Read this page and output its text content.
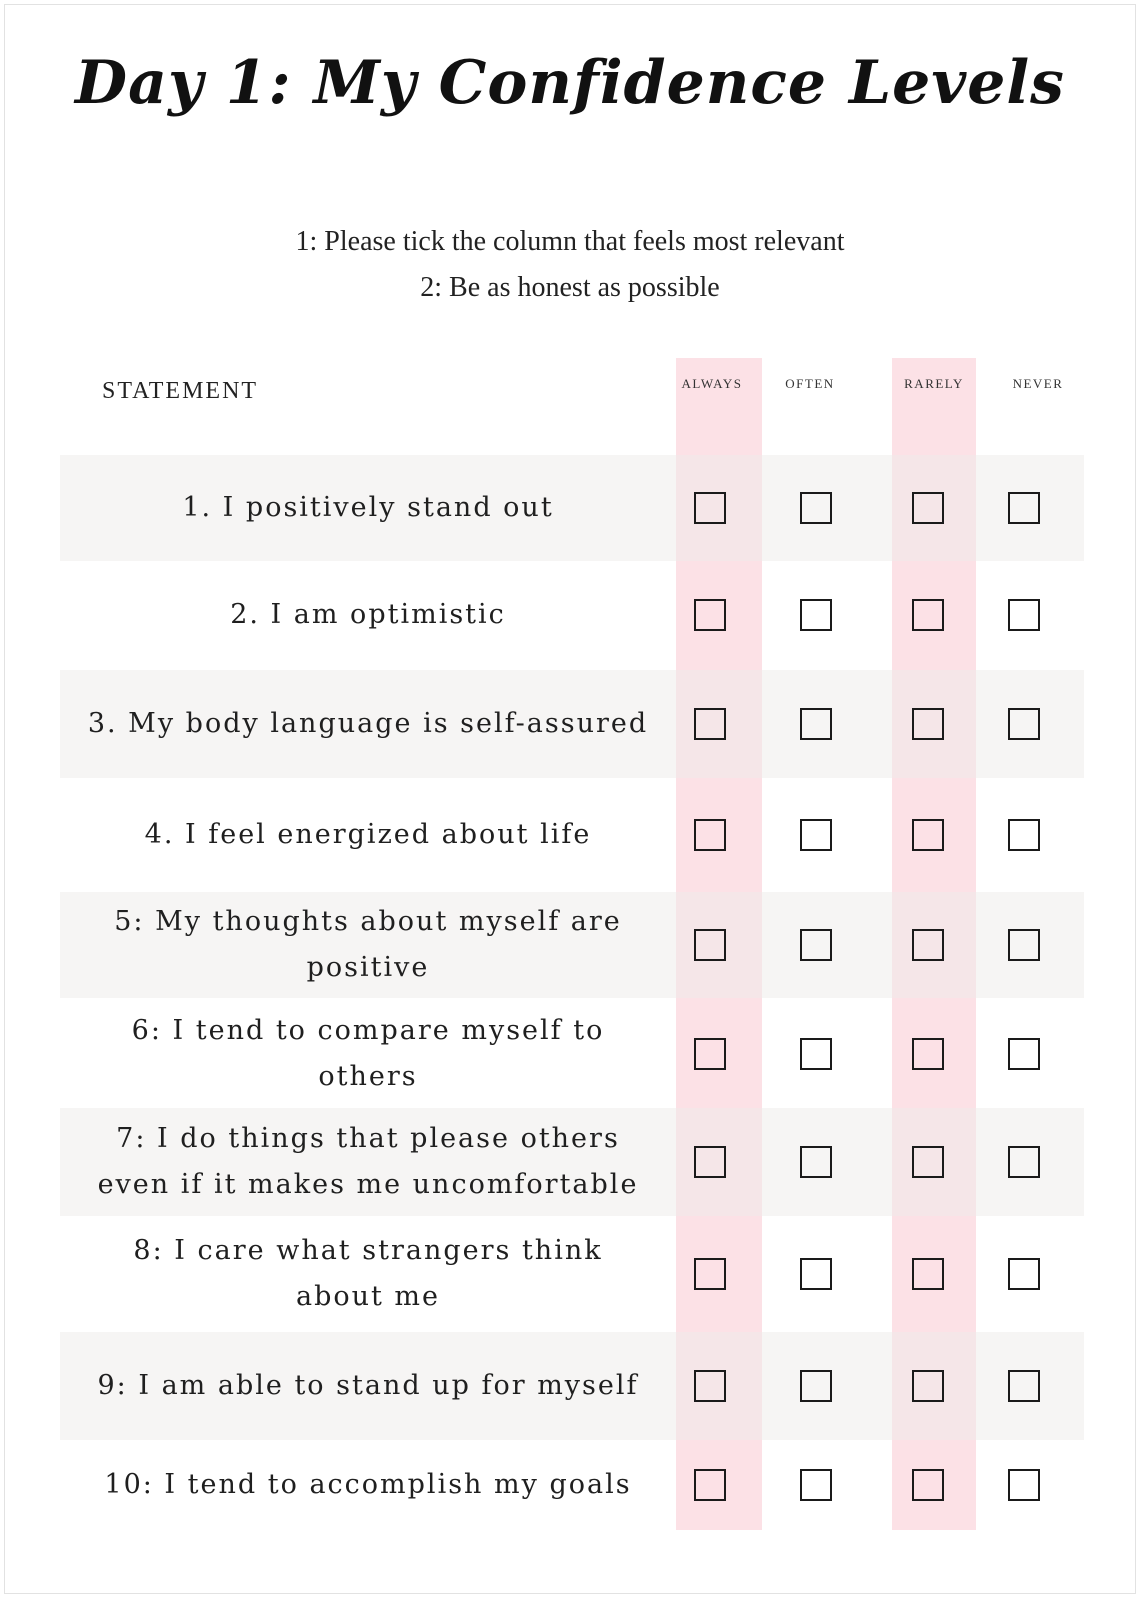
Day 1: My Confidence Levels
1: Please tick the column that feels most relevant
2: Be as honest as possible
STATEMENT	ALWAYS	OFTEN	RARELY	NEVER
1. I positively stand out
2. I am optimistic
3. My body language is self-assured
4. I feel energized about life
5: My thoughts about myself are
positive
6: I tend to compare myself to
others
7: I do things that please others
even if it makes me uncomfortable
8: I care what strangers think
about me
9: I am able to stand up for myself
10: I tend to accomplish my goals
